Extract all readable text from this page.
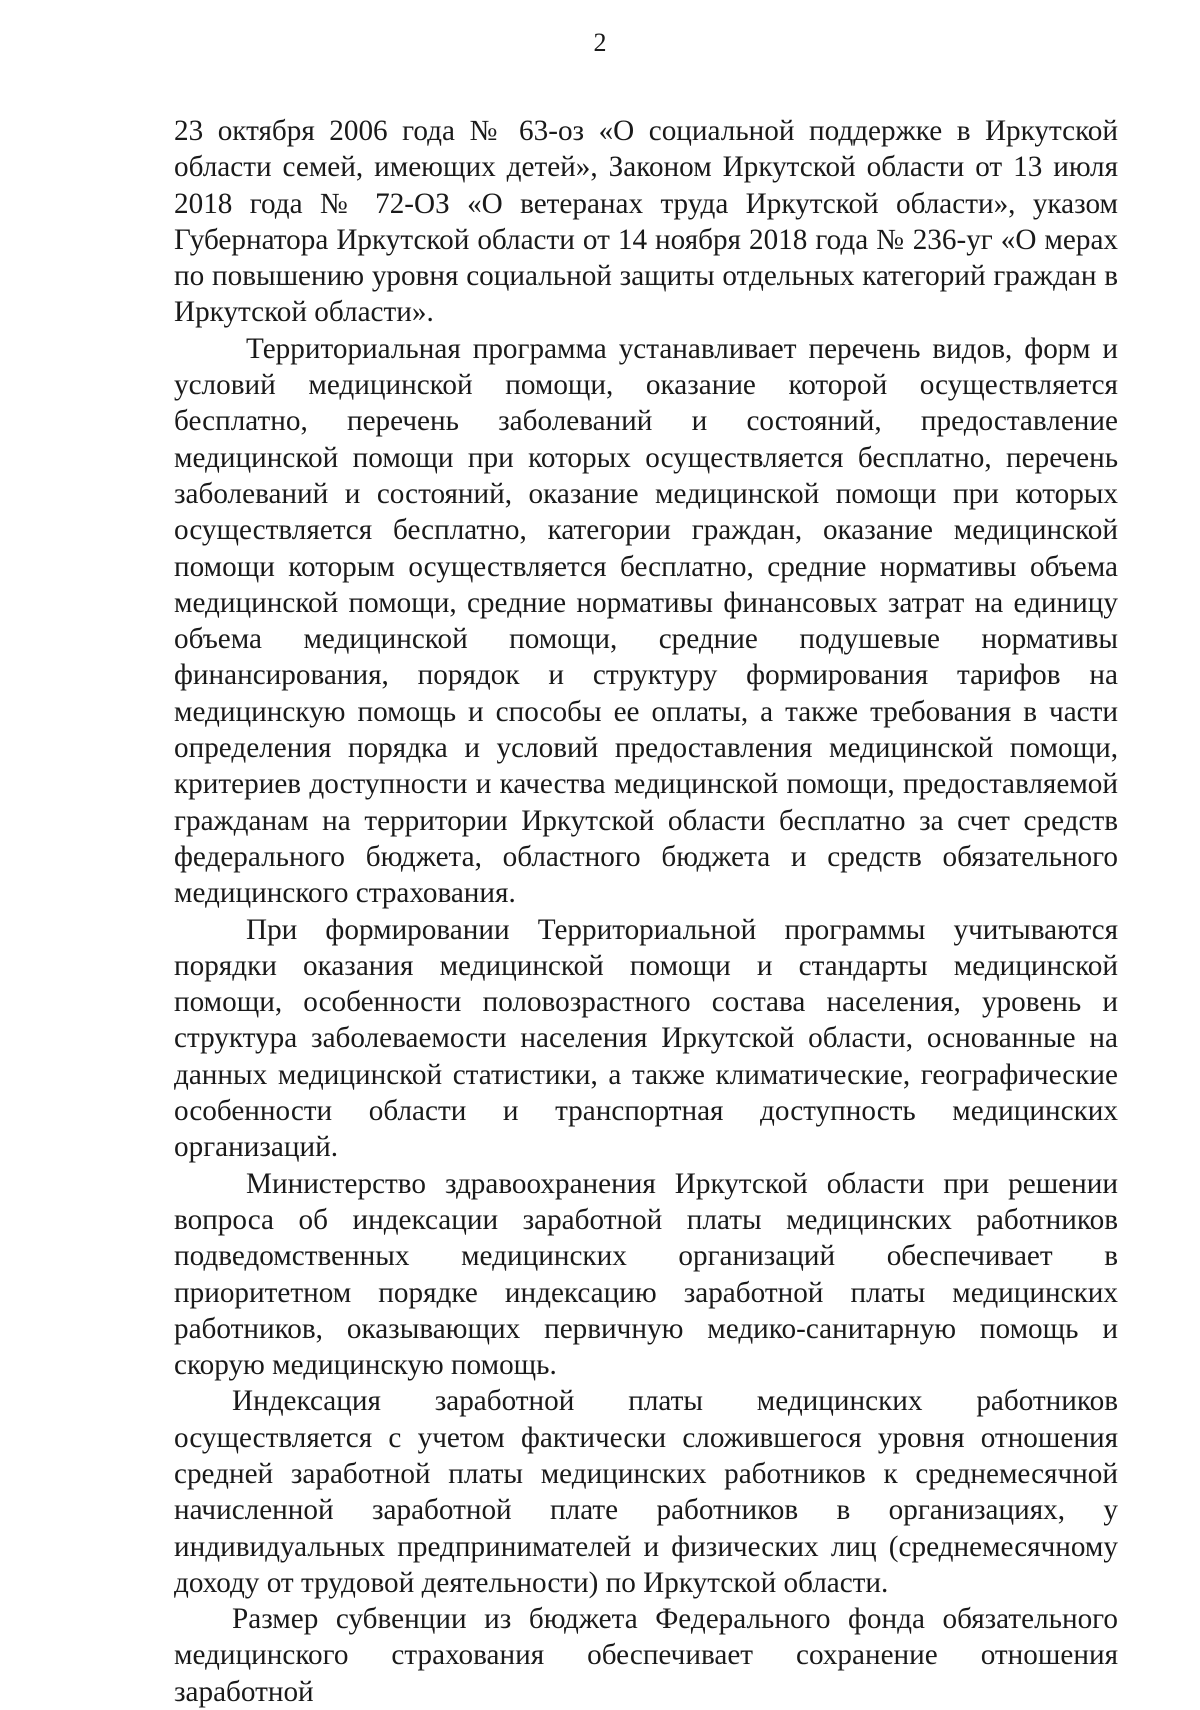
2

23 октября 2006 года № 63-оз «О социальной поддержке в Иркутской области семей, имеющих детей», Законом Иркутской области от 13 июля 2018 года № 72-ОЗ «О ветеранах труда Иркутской области», указом Губернатора Иркутской области от 14 ноября 2018 года № 236-уг «О мерах по повышению уровня социальной защиты отдельных категорий граждан в Иркутской области».

Территориальная программа устанавливает перечень видов, форм и условий медицинской помощи, оказание которой осуществляется бесплатно, перечень заболеваний и состояний, предоставление медицинской помощи при которых осуществляется бесплатно, перечень заболеваний и состояний, оказание медицинской помощи при которых осуществляется бесплатно, категории граждан, оказание медицинской помощи которым осуществляется бесплатно, средние нормативы объема медицинской помощи, средние нормативы финансовых затрат на единицу объема медицинской помощи, средние подушевые нормативы финансирования, порядок и структуру формирования тарифов на медицинскую помощь и способы ее оплаты, а также требования в части определения порядка и условий предоставления медицинской помощи, критериев доступности и качества медицинской помощи, предоставляемой гражданам на территории Иркутской области бесплатно за счет средств федерального бюджета, областного бюджета и средств обязательного медицинского страхования.

При формировании Территориальной программы учитываются порядки оказания медицинской помощи и стандарты медицинской помощи, особенности половозрастного состава населения, уровень и структура заболеваемости населения Иркутской области, основанные на данных медицинской статистики, а также климатические, географические особенности области и транспортная доступность медицинских организаций.

Министерство здравоохранения Иркутской области при решении вопроса об индексации заработной платы медицинских работников подведомственных медицинских организаций обеспечивает в приоритетном порядке индексацию заработной платы медицинских работников, оказывающих первичную медико-санитарную помощь и скорую медицинскую помощь.

Индексация заработной платы медицинских работников осуществляется с учетом фактически сложившегося уровня отношения средней заработной платы медицинских работников к среднемесячной начисленной заработной плате работников в организациях, у индивидуальных предпринимателей и физических лиц (среднемесячному доходу от трудовой деятельности) по Иркутской области.

Размер субвенции из бюджета Федерального фонда обязательного медицинского страхования обеспечивает сохранение отношения заработной
